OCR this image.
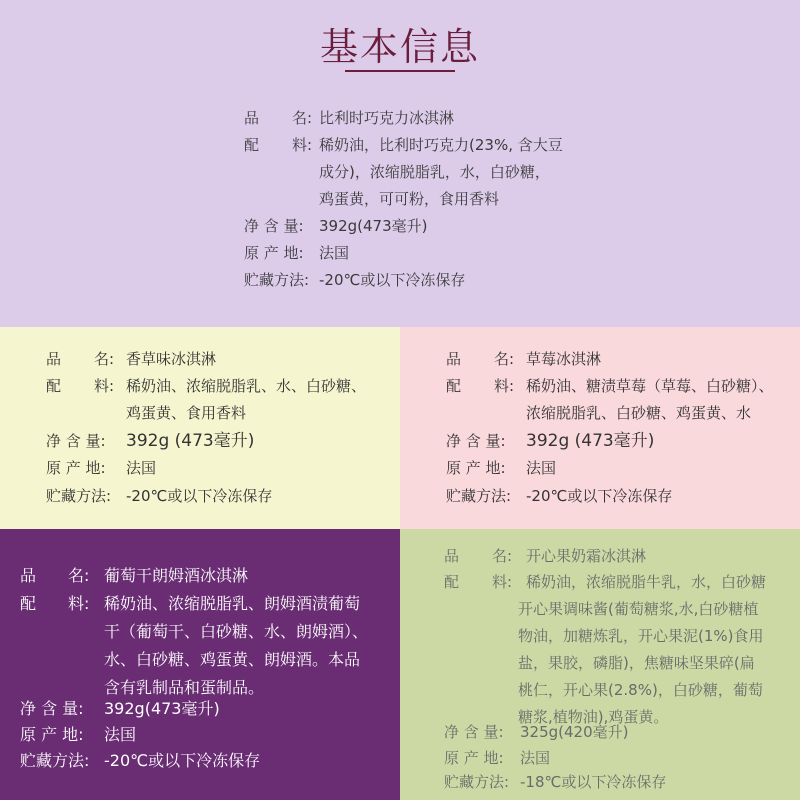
基本信息
品 名: 比利时巧克力冰淇淋
配 料: 稀奶油，比利时巧克力(23%, 含大豆
成分)，浓缩脱脂乳，水，白砂糖，
鸡蛋黄，可可粉，食用香料
净 含 量:	392g(473毫升)
原 产 地:	法国
贮藏方法: -20℃或以下冷冻保存
品 名: 香草味冰淇淋
配 料: 稀奶油、浓缩脱脂乳、水、白砂糖、
鸡蛋黄、食用香料
净 含 量:	392g (473毫升)
原 产 地:	法国
贮藏方法: -20℃或以下冷冻保存
品 名: 草莓冰淇淋
配 料: 稀奶油、糖渍草莓（草莓、白砂糖）、
浓缩脱脂乳、白砂糖、鸡蛋黄、水
净 含 量:	392g (473毫升)
原 产 地:	法国
贮藏方法: -20℃或以下冷冻保存
品 名: 葡萄干朗姆酒冰淇淋
配 料: 稀奶油、浓缩脱脂乳、朗姆酒渍葡萄
干（葡萄干、白砂糖、水、朗姆酒）、
水、白砂糖、鸡蛋黄、朗姆酒。本品
含有乳制品和蛋制品。
净 含 量:	392g(473毫升)
原 产 地:	法国
贮藏方法: -20℃或以下冷冻保存
品 名: 开心果奶霜冰淇淋
配 料: 稀奶油，浓缩脱脂牛乳，水，白砂糖
开心果调味酱(葡萄糖浆,水,白砂糖植
物油，加糖炼乳，开心果泥(1%)食用
盐，果胶，磷脂)，焦糖味坚果碎(扁
桃仁，开心果(2.8%)，白砂糖，葡萄
糖浆,植物油),鸡蛋黄。
净 含 量:	325g(420毫升)
原 产 地:	法国
贮藏方法: -18℃或以下冷冻保存
